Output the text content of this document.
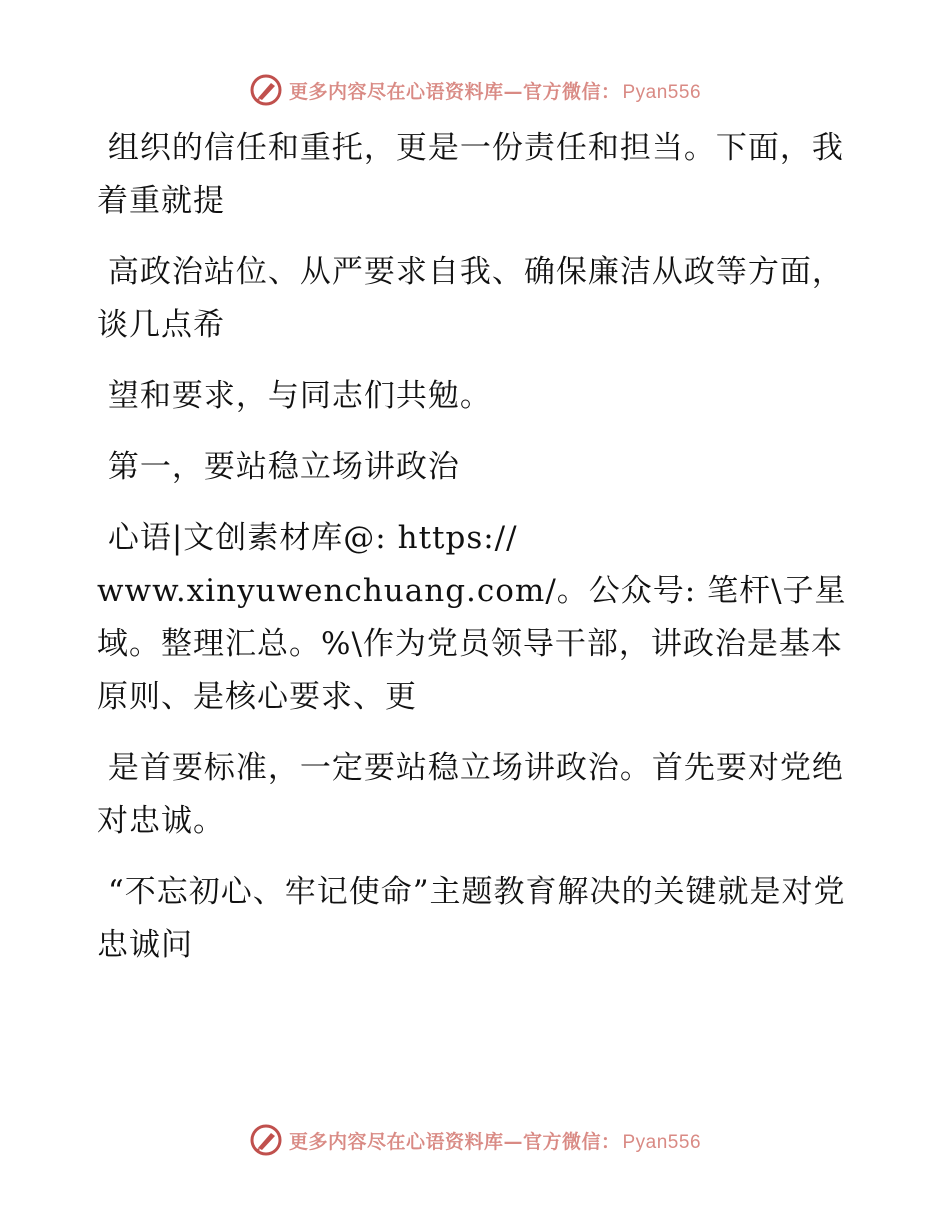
更多内容尽在心语资料库—官方微信： Pyan556

组织的信任和重托，更是一份责任和担当。下面，我着重就提

高政治站位、从严要求自我、确保廉洁从政等方面，谈几点希

望和要求，与同志们共勉。

第一，要站稳立场讲政治

心语|文创素材库@: https://
www.xinyuwenchuang.com/。公众号: 笔杆\子星域。整理汇总。%\作为党员领导干部，讲政治是基本原则、是核心要求、更

是首要标准，一定要站稳立场讲政治。首先要对党绝对忠诚。

“不忘初心、牢记使命”主题教育解决的关键就是对党忠诚问

更多内容尽在心语资料库—官方微信： Pyan556
